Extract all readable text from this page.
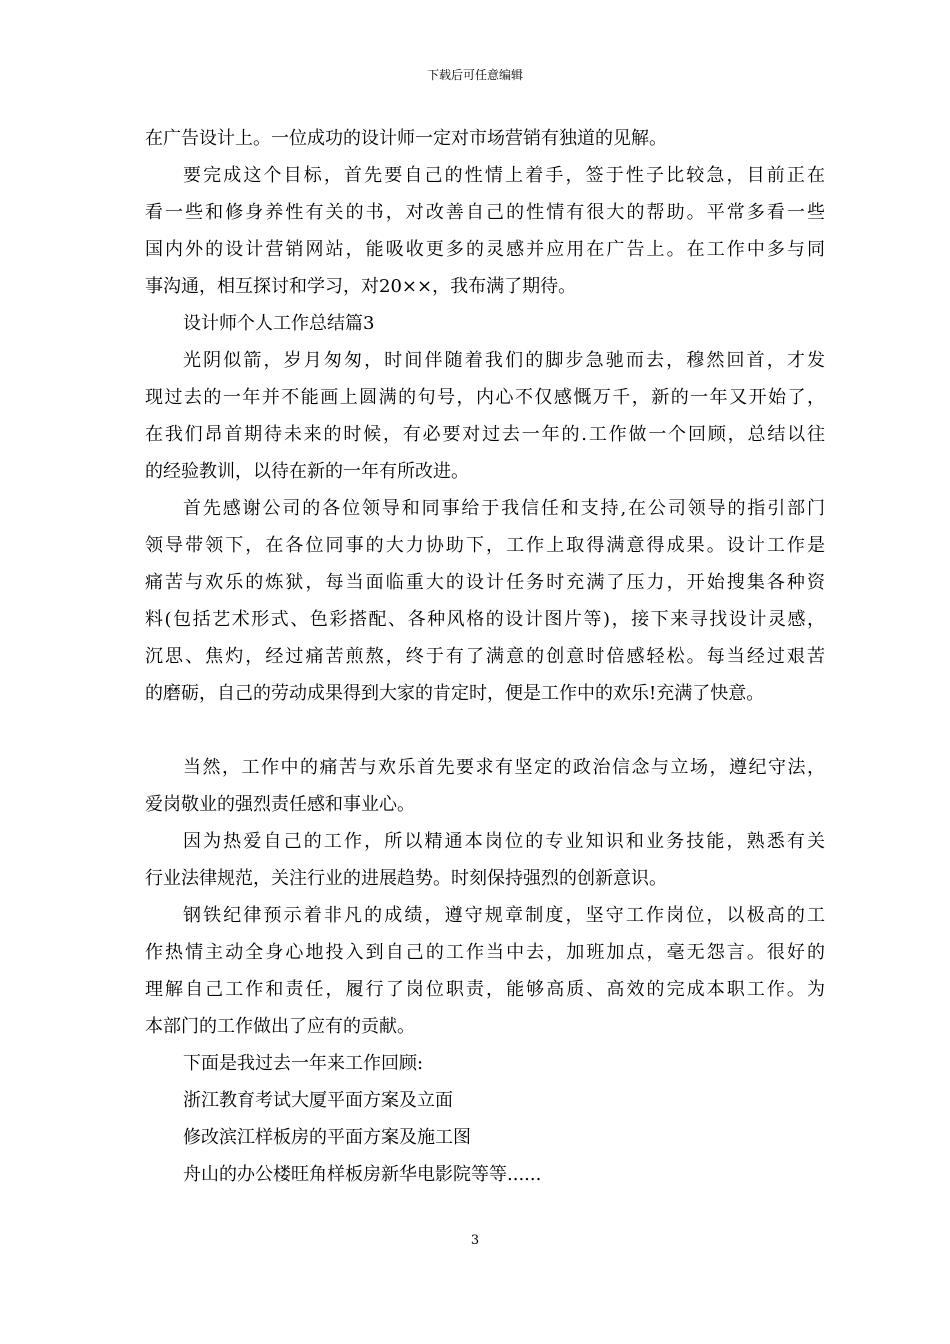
下载后可任意编辑
在广告设计上。一位成功的设计师一定对市场营销有独道的见解。
要完成这个目标，首先要自己的性情上着手，签于性子比较急，目前正在
看一些和修身养性有关的书，对改善自己的性情有很大的帮助。平常多看一些
国内外的设计营销网站，能吸收更多的灵感并应用在广告上。在工作中多与同
事沟通，相互探讨和学习，对20××，我布满了期待。
设计师个人工作总结篇3
光阴似箭，岁月匆匆，时间伴随着我们的脚步急驰而去，穆然回首，才发
现过去的一年并不能画上圆满的句号，内心不仅感慨万千，新的一年又开始了，
在我们昂首期待未来的时候，有必要对过去一年的.工作做一个回顾，总结以往
的经验教训，以待在新的一年有所改进。
首先感谢公司的各位领导和同事给于我信任和支持,在公司领导的指引部门
领导带领下，在各位同事的大力协助下，工作上取得满意得成果。设计工作是
痛苦与欢乐的炼狱，每当面临重大的设计任务时充满了压力，开始搜集各种资
料(包括艺术形式、色彩搭配、各种风格的设计图片等)，接下来寻找设计灵感，
沉思、焦灼，经过痛苦煎熬，终于有了满意的创意时倍感轻松。每当经过艰苦
的磨砺，自己的劳动成果得到大家的肯定时，便是工作中的欢乐!充满了快意。
当然，工作中的痛苦与欢乐首先要求有坚定的政治信念与立场，遵纪守法，
爱岗敬业的强烈责任感和事业心。
因为热爱自己的工作，所以精通本岗位的专业知识和业务技能，熟悉有关
行业法律规范，关注行业的进展趋势。时刻保持强烈的创新意识。
钢铁纪律预示着非凡的成绩，遵守规章制度，坚守工作岗位，以极高的工
作热情主动全身心地投入到自己的工作当中去，加班加点，毫无怨言。很好的
理解自己工作和责任，履行了岗位职责，能够高质、高效的完成本职工作。为
本部门的工作做出了应有的贡献。
下面是我过去一年来工作回顾:
浙江教育考试大厦平面方案及立面
修改滨江样板房的平面方案及施工图
舟山的办公楼旺角样板房新华电影院等等......
3
